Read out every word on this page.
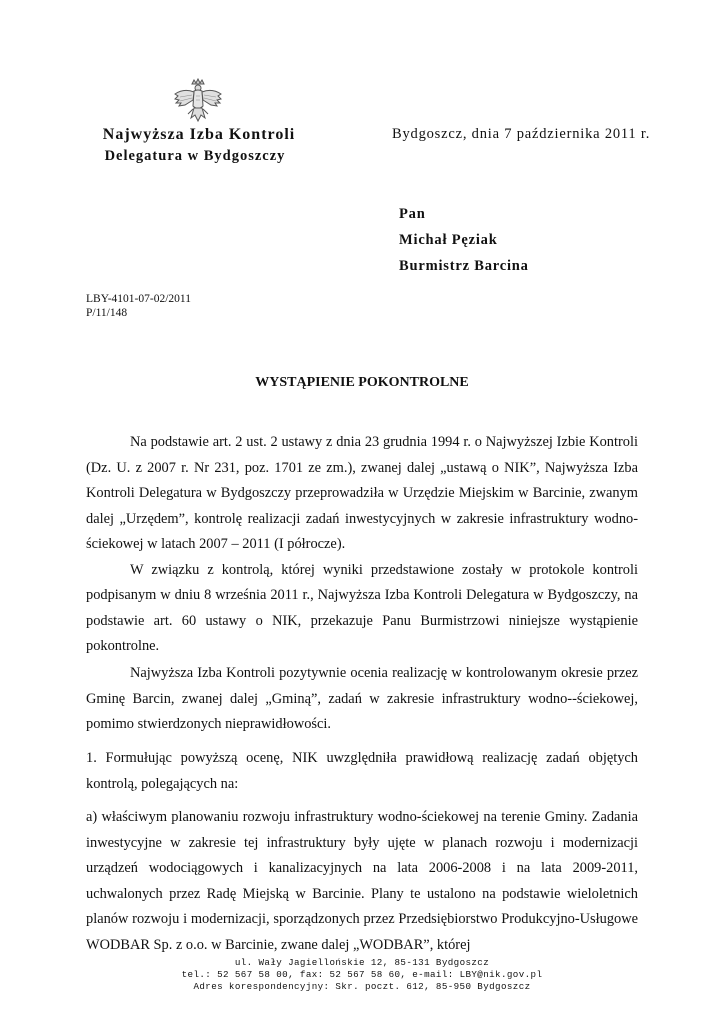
Najwyższa Izba Kontroli
Delegatura w Bydgoszczy
Bydgoszcz, dnia 7 października 2011 r.
Pan
Michał Pęziak
Burmistrz Barcina
LBY-4101-07-02/2011
P/11/148
WYSTĄPIENIE POKONTROLNE

Na podstawie art. 2 ust. 2 ustawy z dnia 23 grudnia 1994 r. o Najwyższej Izbie Kontroli (Dz. U. z 2007 r. Nr 231, poz. 1701 ze zm.), zwanej dalej „ustawą o NIK”, Najwyższa Izba Kontroli Delegatura w Bydgoszczy przeprowadziła w Urzędzie Miejskim w Barcinie, zwanym dalej „Urzędem”, kontrolę realizacji zadań inwestycyjnych w zakresie infrastruktury wodno-ściekowej w latach 2007 – 2011 (I półrocze).

W związku z kontrolą, której wyniki przedstawione zostały w protokole kontroli podpisanym w dniu 8 września 2011 r., Najwyższa Izba Kontroli Delegatura w Bydgoszczy, na podstawie art. 60 ustawy o NIK, przekazuje Panu Burmistrzowi niniejsze wystąpienie pokontrolne.

Najwyższa Izba Kontroli pozytywnie ocenia realizację w kontrolowanym okresie przez Gminę Barcin, zwanej dalej „Gminą”, zadań w zakresie infrastruktury wodno--ściekowej, pomimo stwierdzonych nieprawidłowości.

1. Formułując powyższą ocenę, NIK uwzględniła prawidłową realizację zadań objętych kontrolą, polegających na:

a) właściwym planowaniu rozwoju infrastruktury wodno-ściekowej na terenie Gminy. Zadania inwestycyjne w zakresie tej infrastruktury były ujęte w planach rozwoju i modernizacji urządzeń wodociągowych i kanalizacyjnych na lata 2006-2008 i na lata 2009-2011, uchwalonych przez Radę Miejską w Barcinie. Plany te ustalono na podstawie wieloletnich planów rozwoju i modernizacji, sporządzonych przez Przedsiębiorstwo Produkcyjno-Usługowe WODBAR Sp. z o.o. w Barcinie, zwane dalej „WODBAR”, której

ul. Wały Jagiellońskie 12, 85-131 Bydgoszcz
tel.: 52 567 58 00, fax: 52 567 58 60, e-mail: LBY@nik.gov.pl
Adres korespondencyjny: Skr. poczt. 612, 85-950 Bydgoszcz
